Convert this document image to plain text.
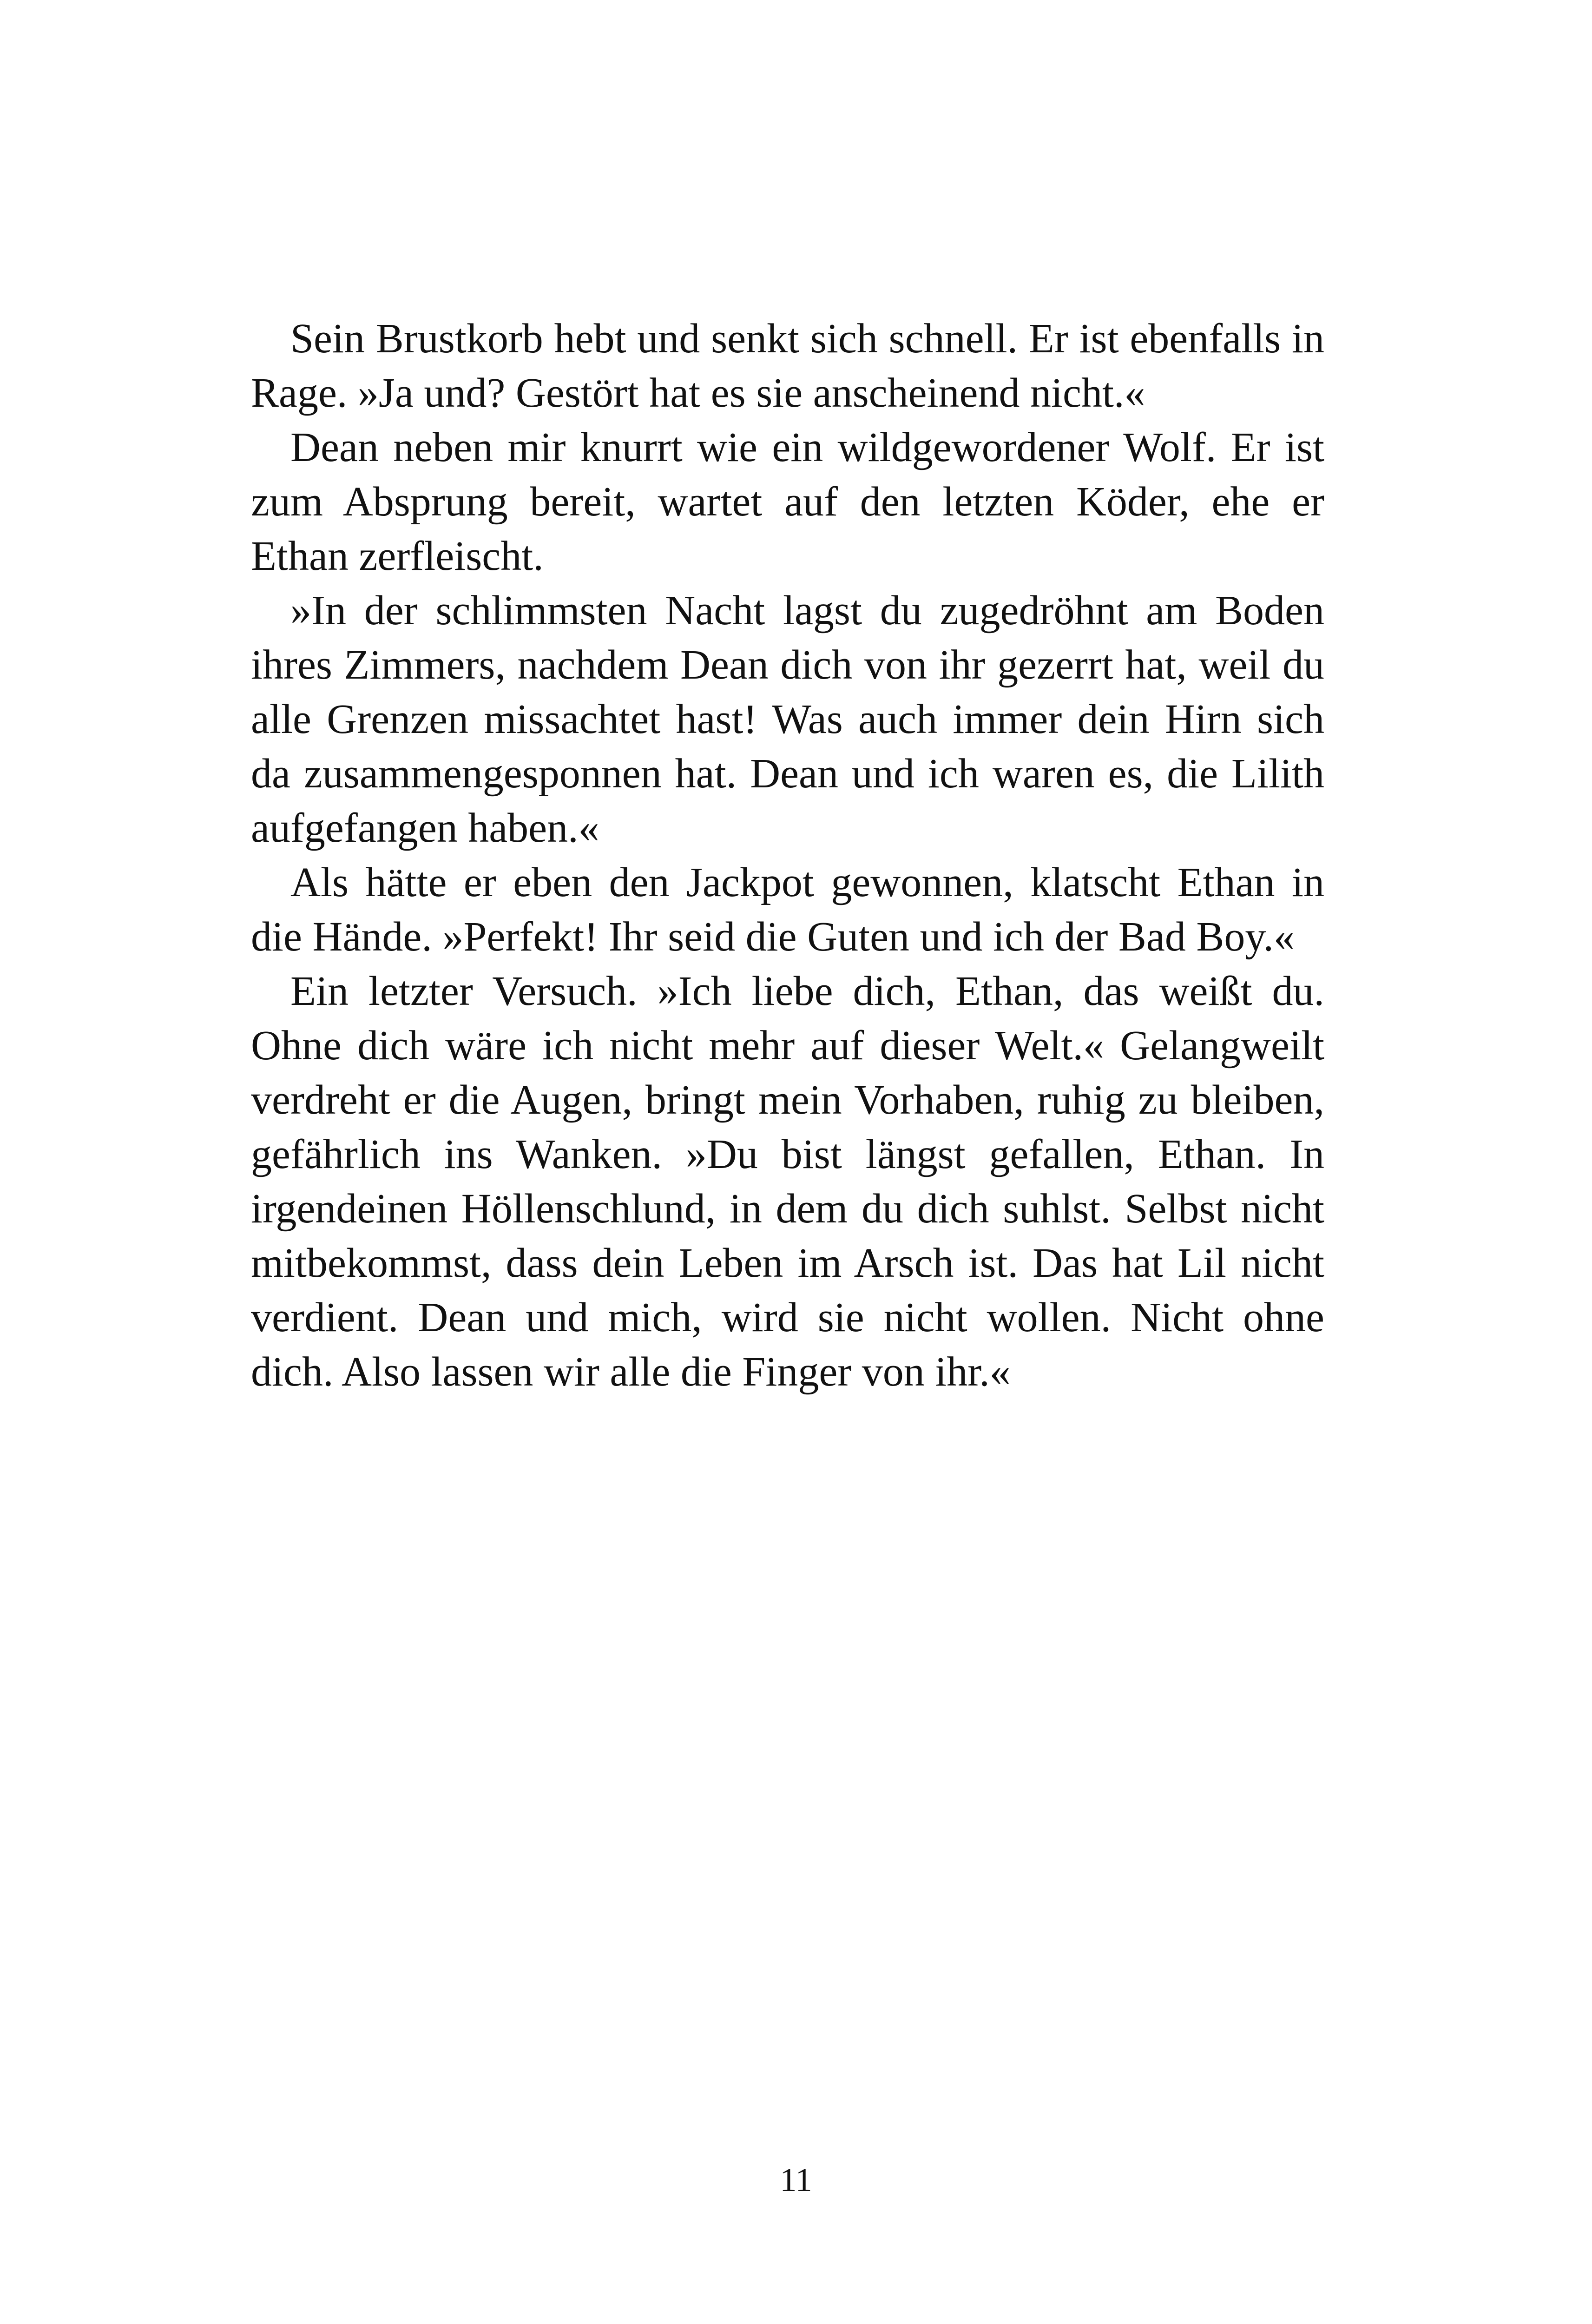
Sein Brustkorb hebt und senkt sich schnell. Er ist ebenfalls in Rage. »Ja und? Gestört hat es sie anscheinend nicht.«

Dean neben mir knurrt wie ein wildgewordener Wolf. Er ist zum Absprung bereit, wartet auf den letzten Köder, ehe er Ethan zerfleischt.

»In der schlimmsten Nacht lagst du zugedröhnt am Boden ihres Zimmers, nachdem Dean dich von ihr gezerrt hat, weil du alle Grenzen missachtet hast! Was auch immer dein Hirn sich da zusammengesponnen hat. Dean und ich waren es, die Lilith aufgefangen haben.«

Als hätte er eben den Jackpot gewonnen, klatscht Ethan in die Hände. »Perfekt! Ihr seid die Guten und ich der Bad Boy.«

Ein letzter Versuch. »Ich liebe dich, Ethan, das weißt du. Ohne dich wäre ich nicht mehr auf dieser Welt.« Gelangweilt verdreht er die Augen, bringt mein Vorhaben, ruhig zu bleiben, gefährlich ins Wanken. »Du bist längst gefallen, Ethan. In irgendeinen Höllenschlund, in dem du dich suhlst. Selbst nicht mitbekommst, dass dein Leben im Arsch ist. Das hat Lil nicht verdient. Dean und mich, wird sie nicht wollen. Nicht ohne dich. Also lassen wir alle die Finger von ihr.«

11
